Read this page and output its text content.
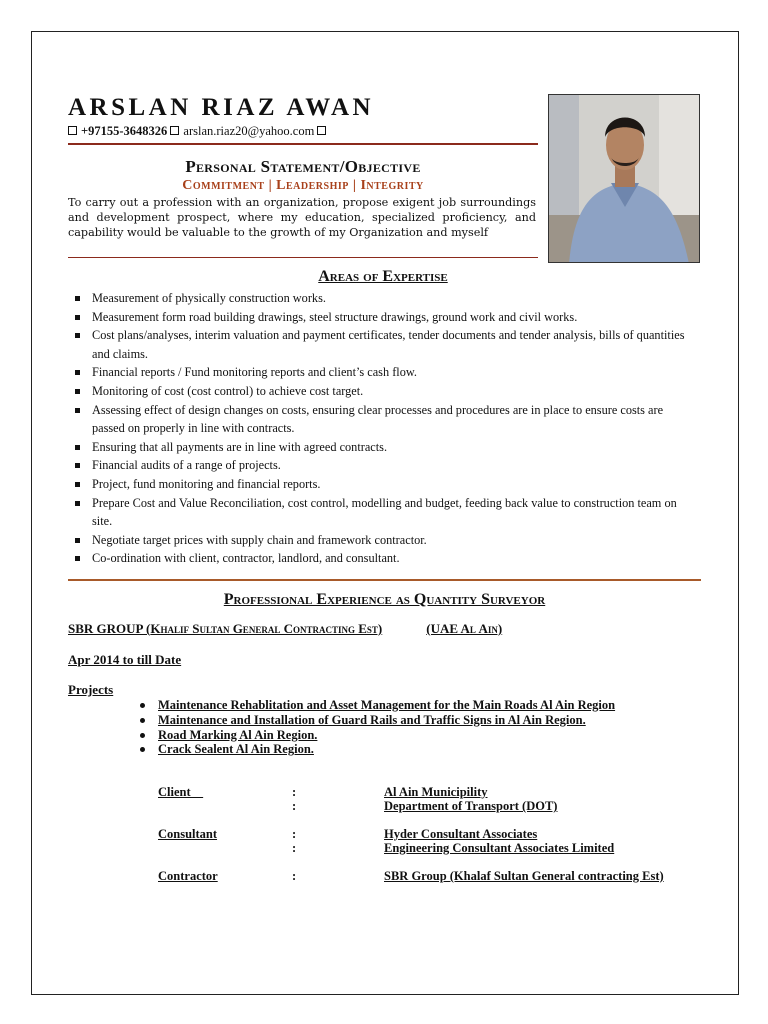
ARSLAN RIAZ AWAN
+97155-3648326 arslan.riaz20@yahoo.com
Personal Statement/Objective
Commitment | Leadership | Integrity
To carry out a profession with an organization, propose exigent job surroundings and development prospect, where my education, specialized proficiency, and capability would be valuable to the growth of my Organization and myself
Areas of Expertise
Measurement of physically construction works.
Measurement form road building drawings, steel structure drawings, ground work and civil works.
Cost plans/analyses, interim valuation and payment certificates, tender documents and tender analysis, bills of quantities and claims.
Financial reports / Fund monitoring reports and client’s cash flow.
Monitoring of cost (cost control) to achieve cost target.
Assessing effect of design changes on costs, ensuring clear processes and procedures are in place to ensure costs are passed on properly in line with contracts.
Ensuring that all payments are in line with agreed contracts.
Financial audits of a range of projects.
Project, fund monitoring and financial reports.
Prepare Cost and Value Reconciliation, cost control, modelling and budget, feeding back value to construction team on site.
Negotiate target prices with supply chain and framework contractor.
Co-ordination with client, contractor, landlord, and consultant.
Professional Experience as Quantity Surveyor
SBR GROUP (Khalif Sultan General Contracting Est)	(UAE Al Ain)
Apr 2014 to till Date
Projects
Maintenance Rehablitation and Asset Management for the Main Roads Al Ain Region
Maintenance and Installation of Guard Rails and Traffic Signs in Al Ain Region.
Road Marking Al Ain Region.
Crack Sealent Al Ain Region.
Client	:	Al Ain Municipility
:	Department of Transport (DOT)
Consultant	:	Hyder Consultant Associates
:	Engineering Consultant Associates Limited
Contractor	:	SBR Group (Khalaf Sultan General contracting Est)
